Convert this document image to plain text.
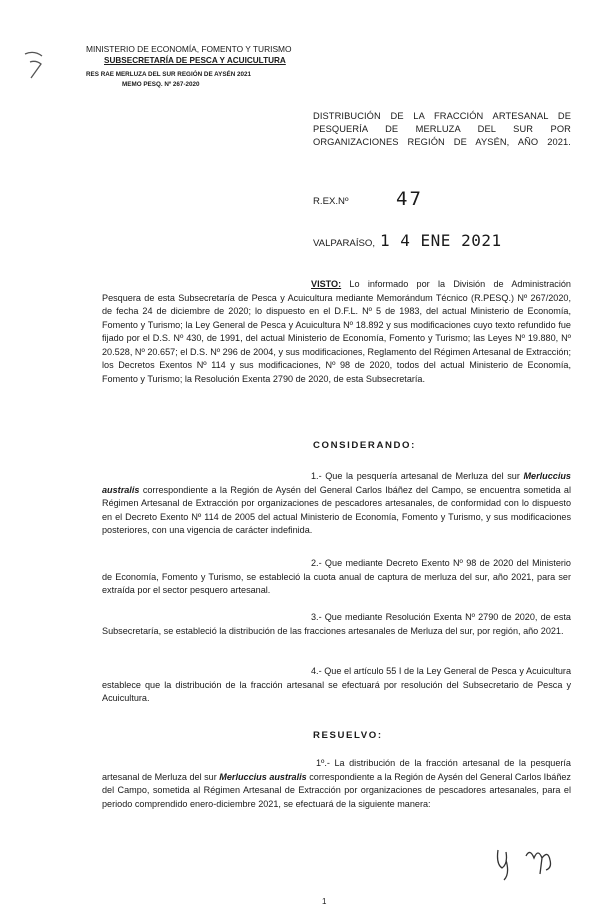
MINISTERIO DE ECONOMÍA, FOMENTO Y TURISMO
SUBSECRETARÍA DE PESCA Y ACUICULTURA
RES RAE MERLUZA DEL SUR REGIÓN DE AYSÉN 2021
MEMO PESQ. Nº 267-2020
DISTRIBUCIÓN DE LA FRACCIÓN ARTESANAL DE PESQUERÍA DE MERLUZA DEL SUR POR ORGANIZACIONES REGIÓN DE AYSÉN, AÑO 2021.
R.EX.Nº	47
VALPARAÍSO, 1 4 ENE 2021
VISTO: Lo informado por la División de Administración Pesquera de esta Subsecretaría de Pesca y Acuicultura mediante Memorándum Técnico (R.PESQ.) Nº 267/2020, de fecha 24 de diciembre de 2020; lo dispuesto en el D.F.L. Nº 5 de 1983, del actual Ministerio de Economía, Fomento y Turismo; la Ley General de Pesca y Acuicultura Nº 18.892 y sus modificaciones cuyo texto refundido fue fijado por el D.S. Nº 430, de 1991, del actual Ministerio de Economía, Fomento y Turismo; las Leyes Nº 19.880, Nº 20.528, Nº 20.657; el D.S. Nº 296 de 2004, y sus modificaciones, Reglamento del Régimen Artesanal de Extracción; los Decretos Exentos Nº 114 y sus modificaciones, Nº 98 de 2020, todos del actual Ministerio de Economía, Fomento y Turismo; la Resolución Exenta 2790 de 2020, de esta Subsecretaría.
CONSIDERANDO:
1.- Que la pesquería artesanal de Merluza del sur Merluccius australis correspondiente a la Región de Aysén del General Carlos Ibáñez del Campo, se encuentra sometida al Régimen Artesanal de Extracción por organizaciones de pescadores artesanales, de conformidad con lo dispuesto en el Decreto Exento Nº 114 de 2005 del actual Ministerio de Economía, Fomento y Turismo, y sus modificaciones posteriores, con una vigencia de carácter indefinida.
2.- Que mediante Decreto Exento Nº 98 de 2020 del Ministerio de Economía, Fomento y Turismo, se estableció la cuota anual de captura de merluza del sur, año 2021, para ser extraída por el sector pesquero artesanal.
3.- Que mediante Resolución Exenta Nº 2790 de 2020, de esta Subsecretaría, se estableció la distribución de las fracciones artesanales de Merluza del sur, por región, año 2021.
4.- Que el artículo 55 I de la Ley General de Pesca y Acuicultura establece que la distribución de la fracción artesanal se efectuará por resolución del Subsecretario de Pesca y Acuicultura.
RESUELVO:
1º.- La distribución de la fracción artesanal de la pesquería artesanal de Merluza del sur Merluccius australis correspondiente a la Región de Aysén del General Carlos Ibáñez del Campo, sometida al Régimen Artesanal de Extracción por organizaciones de pescadores artesanales, para el periodo comprendido enero-diciembre 2021, se efectuará de la siguiente manera:
1
